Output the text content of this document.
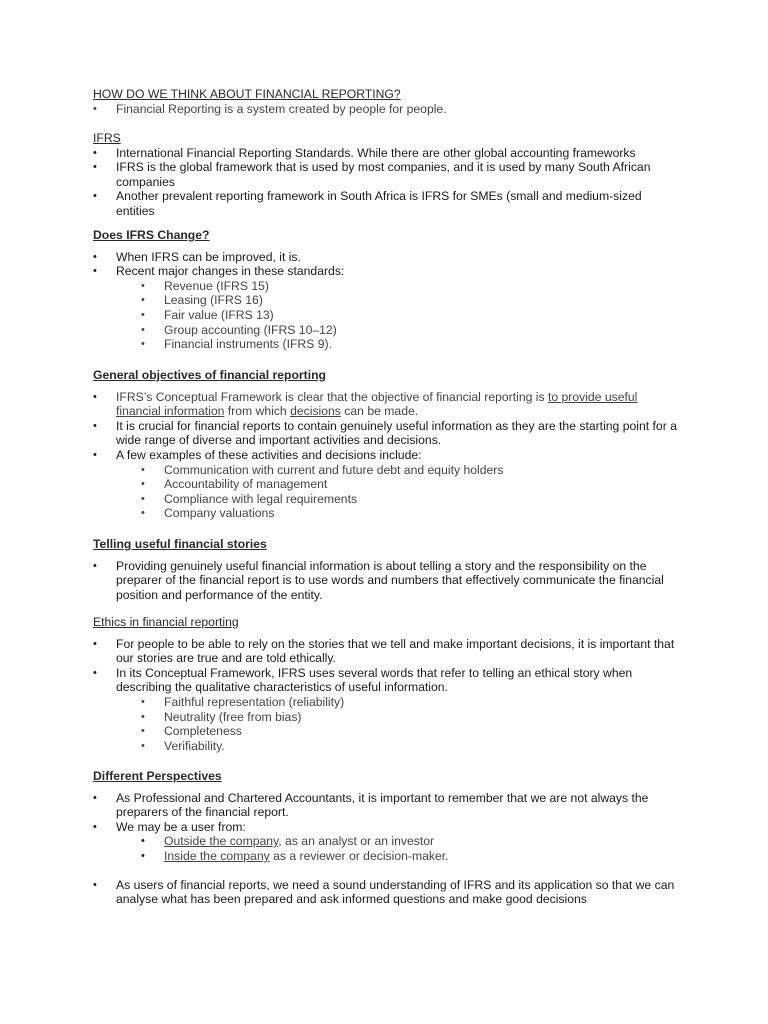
HOW DO WE THINK ABOUT FINANCIAL REPORTING?

• Financial Reporting is a system created by people for people.

IFRS

• International Financial Reporting Standards. While there are other global accounting frameworks
• IFRS is the global framework that is used by most companies, and it is used by many South African companies
• Another prevalent reporting framework in South Africa is IFRS for SMEs (small and medium-sized entities

Does IFRS Change?

• When IFRS can be improved, it is.
• Recent major changes in these standards:
• Revenue (IFRS 15)
• Leasing (IFRS 16)
• Fair value (IFRS 13)
• Group accounting (IFRS 10–12)
• Financial instruments (IFRS 9).

General objectives of financial reporting

• IFRS’s Conceptual Framework is clear that the objective of financial reporting is to provide useful financial information from which decisions can be made.
• It is crucial for financial reports to contain genuinely useful information as they are the starting point for a wide range of diverse and important activities and decisions.
• A few examples of these activities and decisions include:
• Communication with current and future debt and equity holders
• Accountability of management
• Compliance with legal requirements
• Company valuations

Telling useful financial stories

• Providing genuinely useful financial information is about telling a story and the responsibility on the preparer of the financial report is to use words and numbers that effectively communicate the financial position and performance of the entity.

Ethics in financial reporting

• For people to be able to rely on the stories that we tell and make important decisions, it is important that our stories are true and are told ethically.
• In its Conceptual Framework, IFRS uses several words that refer to telling an ethical story when describing the qualitative characteristics of useful information.
• Faithful representation (reliability)
• Neutrality (free from bias)
• Completeness
• Verifiability.

Different Perspectives

• As Professional and Chartered Accountants, it is important to remember that we are not always the preparers of the financial report.
• We may be a user from:
• Outside the company, as an analyst or an investor
• Inside the company as a reviewer or decision-maker.
• As users of financial reports, we need a sound understanding of IFRS and its application so that we can analyse what has been prepared and ask informed questions and make good decisions
